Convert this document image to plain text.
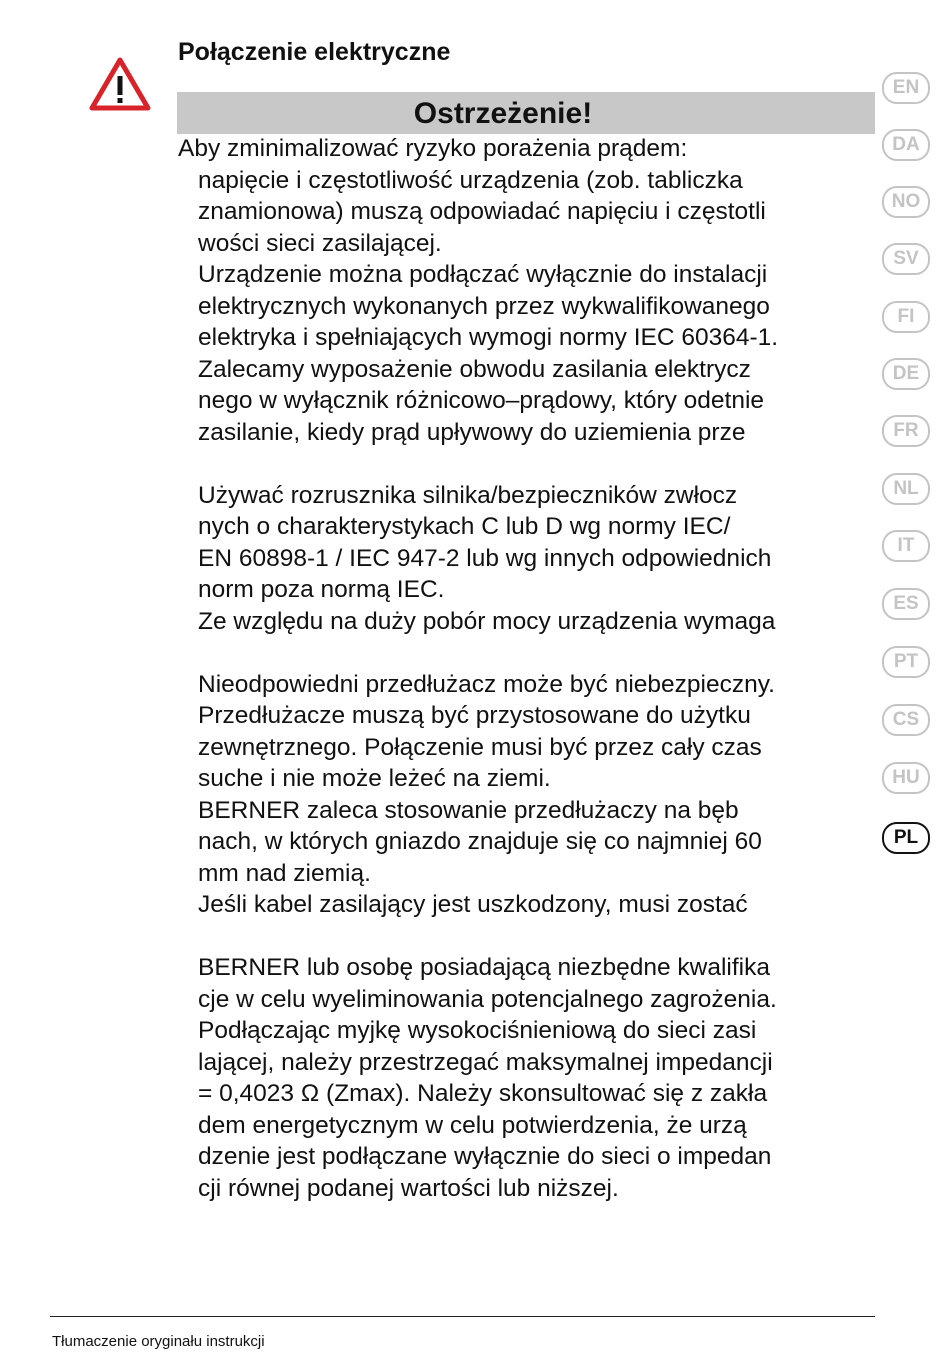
Połączenie elektryczne
Ostrzeżenie!
Aby zminimalizować ryzyko porażenia prądem:
napięcie i częstotliwość urządzenia (zob. tabliczka
znamionowa) muszą odpowiadać napięciu i częstotli
wości sieci zasilającej.
Urządzenie można podłączać wyłącznie do instalacji
elektrycznych wykonanych przez wykwalifikowanego
elektryka i spełniających wymogi normy IEC 60364-1.
Zalecamy wyposażenie obwodu zasilania elektrycz
nego w wyłącznik różnicowo–prądowy, który odetnie
zasilanie, kiedy prąd upływowy do uziemienia prze
Używać rozrusznika silnika/bezpieczników zwłocz
nych o charakterystykach C lub D wg normy IEC/
EN 60898-1 / IEC 947-2 lub wg innych odpowiednich
norm poza normą IEC.
Ze względu na duży pobór mocy urządzenia wymaga
Nieodpowiedni przedłużacz może być niebezpieczny.
Przedłużacze muszą być przystosowane do użytku
zewnętrznego. Połączenie musi być przez cały czas
suche i nie może leżeć na ziemi.
BERNER zaleca stosowanie przedłużaczy na bęb
nach, w których gniazdo znajduje się co najmniej 60
mm nad ziemią.
Jeśli kabel zasilający jest uszkodzony, musi zostać
BERNER lub osobę posiadającą niezbędne kwalifika
cje w celu wyeliminowania potencjalnego zagrożenia.
Podłączając myjkę wysokociśnieniową do sieci zasi
lającej, należy przestrzegać maksymalnej impedancji
= 0,4023 Ω (Zmax). Należy skonsultować się z zakła
dem energetycznym w celu potwierdzenia, że urzą
dzenie jest podłączane wyłącznie do sieci o impedan
cji równej podanej wartości lub niższej.
EN
DA
NO
SV
FI
DE
FR
NL
IT
ES
PT
CS
HU
PL
Tłumaczenie oryginału instrukcji
